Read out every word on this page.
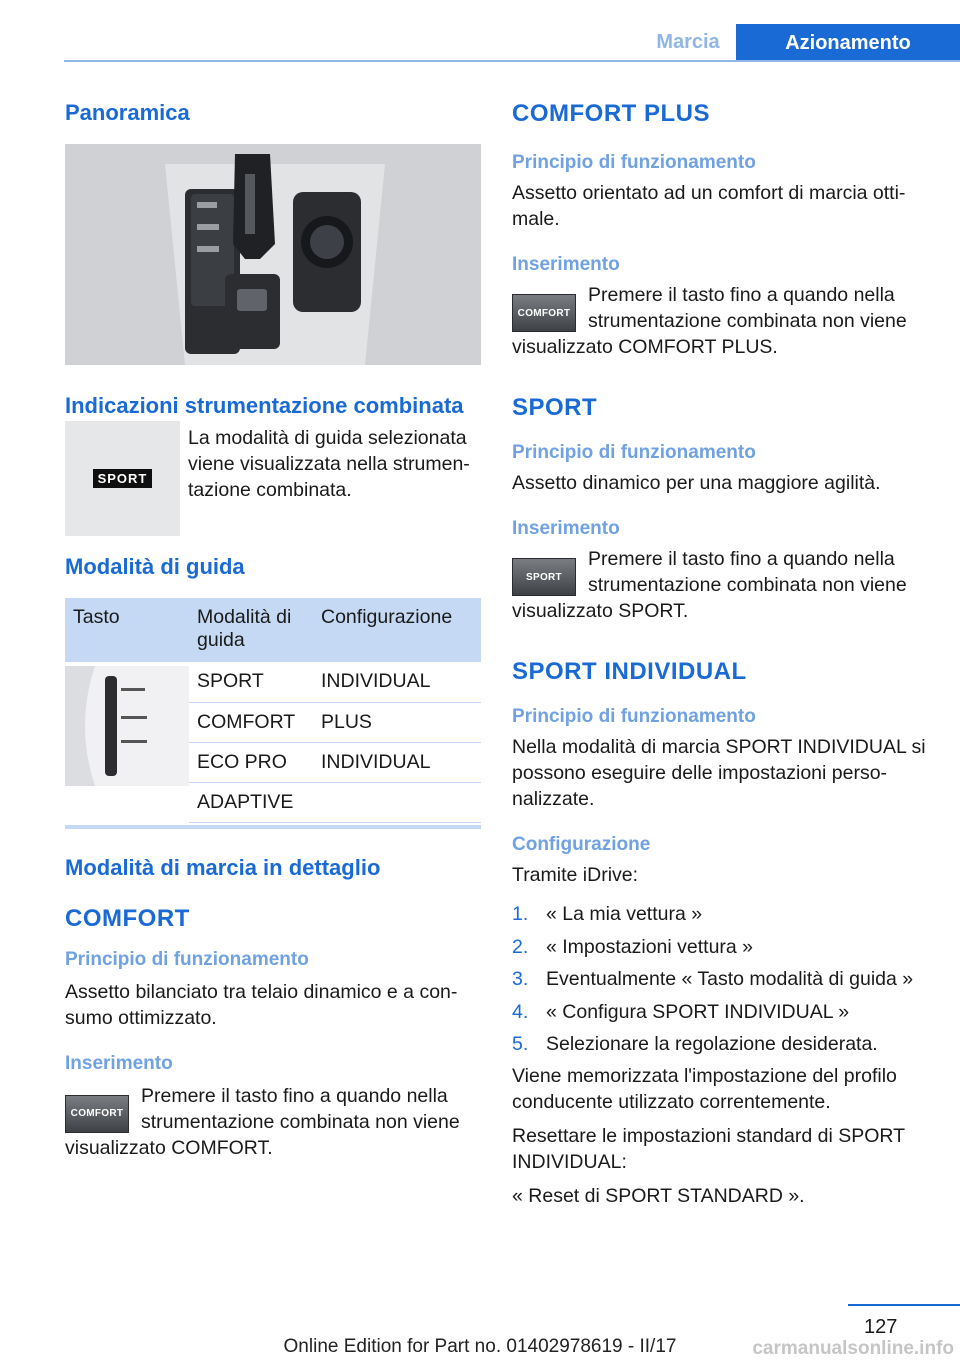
Marcia	Azionamento
Panoramica
Indicazioni strumentazione combinata
SPORT

La modalità di guida selezionata viene visualizzata nella strumen‐tazione combinata.

Modalità di guida
Tasto	Modalità di guida	Configurazione

	SPORT	INDIVIDUAL
	COMFORT	PLUS
	ECO PRO	INDIVIDUAL
	ADAPTIVE	
Modalità di marcia in dettaglio
COMFORT
Principio di funzionamento

Assetto bilanciato tra telaio dinamico e a con‐sumo ottimizzato.

Inserimento
COMFORT

Premere il tasto fino a quando nella strumentazione combinata non viene

visualizzato COMFORT.

COMFORT PLUS
Principio di funzionamento

Assetto orientato ad un comfort di marcia otti‐male.

Inserimento
COMFORT

Premere il tasto fino a quando nella strumentazione combinata non viene

visualizzato COMFORT PLUS.

SPORT
Principio di funzionamento

Assetto dinamico per una maggiore agilità.

Inserimento
SPORT

Premere il tasto fino a quando nella strumentazione combinata non viene

visualizzato SPORT.

SPORT INDIVIDUAL
Principio di funzionamento

Nella modalità di marcia SPORT INDIVIDUAL si possono eseguire delle impostazioni perso‐nalizzate.

Configurazione

Tramite iDrive:

1. « La mia vettura »
2. « Impostazioni vettura »
3. Eventualmente « Tasto modalità di guida »
4. « Configura SPORT INDIVIDUAL »
5. Selezionare la regolazione desiderata.

Viene memorizzata l'impostazione del profilo conducente utilizzato correntemente.

Resettare le impostazioni standard di SPORT INDIVIDUAL:

« Reset di SPORT STANDARD ».

127
Online Edition for Part no. 01402978619 - II/17	carmanualsonline.info
